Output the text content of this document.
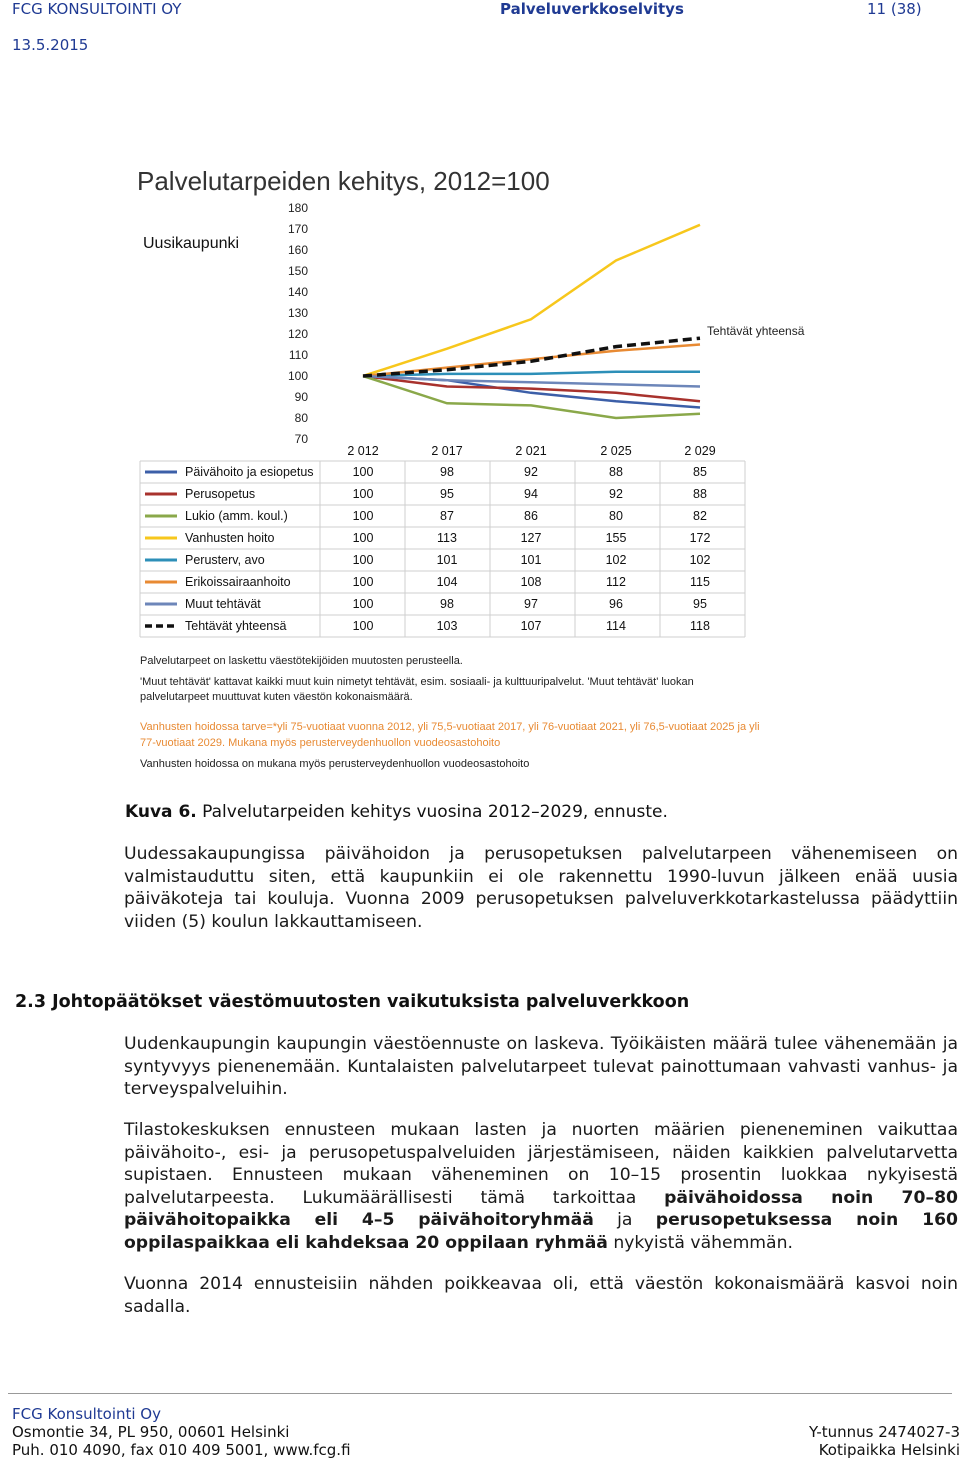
FCG KONSULTOINTI OY	Palveluverkkoselvitys	11 (38)
13.5.2015
Palvelutarpeiden kehitys, 2012=100
Uusikaupunki
180
170
160
150
140
130
120
110
100
90
80
70
Tehtävät yhteensä
2 012	2 017	2 021	2 025	2 029
Päivähoito ja esiopetus	100	98	92	88	85
Perusopetus	100	95	94	92	88
Lukio (amm. koul.)	100	87	86	80	82
Vanhusten hoito	100	113	127	155	172
Perusterv, avo	100	101	101	102	102
Erikoissairaanhoito	100	104	108	112	115
Muut tehtävät	100	98	97	96	95
Tehtävät yhteensä	100	103	107	114	118
Palvelutarpeet on laskettu väestötekijöiden muutosten perusteella.
'Muut tehtävät' kattavat kaikki muut kuin nimetyt tehtävät, esim. sosiaali- ja kulttuuripalvelut. 'Muut tehtävät' luokan
palvelutarpeet muuttuvat kuten väestön kokonaismäärä.
Vanhusten hoidossa tarve=*yli 75-vuotiaat vuonna 2012, yli 75,5-vuotiaat 2017, yli 76-vuotiaat 2021, yli 76,5-vuotiaat 2025 ja yli
77-vuotiaat 2029. Mukana myös perusterveydenhuollon vuodeosastohoito
Vanhusten hoidossa on mukana myös perusterveydenhuollon vuodeosastohoito
Kuva 6. Palvelutarpeiden kehitys vuosina 2012–2029, ennuste.
Uudessakaupungissa päivähoidon ja perusopetuksen palvelutarpeen vähenemiseen on valmistauduttu siten, että kaupunkiin ei ole rakennettu 1990-luvun jälkeen enää uusia päiväkoteja tai kouluja. Vuonna 2009 perusopetuksen palveluverkkotarkastelussa päädyttiin viiden (5) koulun lakkauttamiseen.
2.3 Johtopäätökset väestömuutosten vaikutuksista palveluverkkoon
Uudenkaupungin kaupungin väestöennuste on laskeva. Työikäisten määrä tulee vähenemään ja syntyvyys pienenemään. Kuntalaisten palvelutarpeet tulevat painottumaan vahvasti vanhus- ja terveyspalveluihin.
Tilastokeskuksen ennusteen mukaan lasten ja nuorten määrien pieneneminen vaikuttaa päivähoito-, esi- ja perusopetuspalveluiden järjestämiseen, näiden kaikkien palvelutarvetta supistaen. Ennusteen mukaan väheneminen on 10–15 prosentin luokkaa nykyisestä palvelutarpeesta. Lukumäärällisesti tämä tarkoittaa päivähoidossa noin 70–80 päivähoitopaikka eli 4–5 päivähoitoryhmää ja perusopetuksessa noin 160 oppilaspaikkaa eli kahdeksaa 20 oppilaan ryhmää nykyistä vähemmän.
Vuonna 2014 ennusteisiin nähden poikkeavaa oli, että väestön kokonaismäärä kasvoi noin sadalla.
FCG Konsultointi Oy
Osmontie 34, PL 950, 00601 Helsinki
Puh. 010 4090, fax 010 409 5001, www.fcg.fi
Y-tunnus 2474027-3
Kotipaikka Helsinki
